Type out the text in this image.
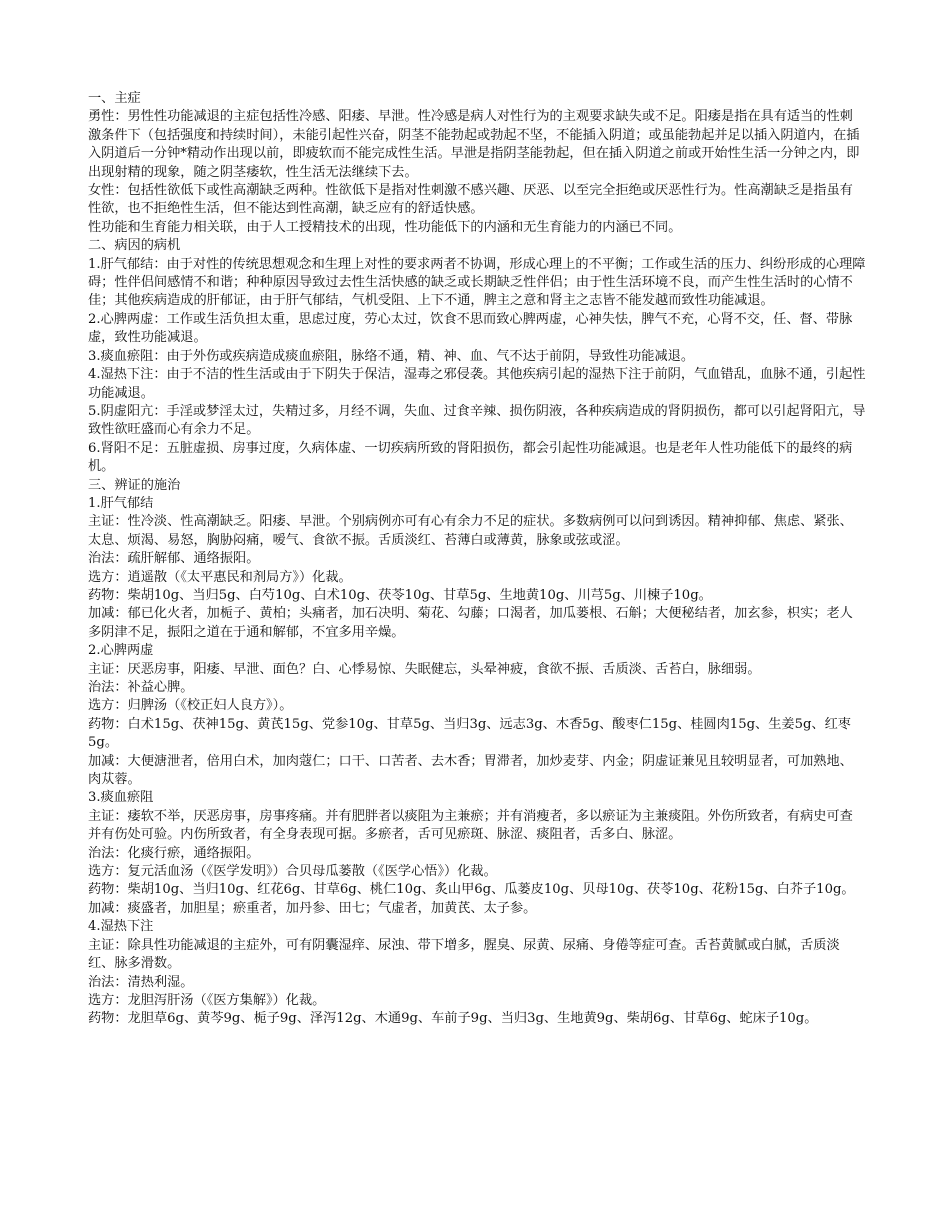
一、主症

勇性：男性性功能减退的主症包括性冷感、阳痿、早泄。性冷感是病人对性行为的主观要求缺失或不足。阳痿是指在具有适当的性刺激条件下（包括强度和持续时间），未能引起性兴奋，阴茎不能勃起或勃起不坚，不能插入阴道；或虽能勃起并足以插入阴道内，在插入阴道后一分钟*精动作出现以前，即疲软而不能完成性生活。早泄是指阴茎能勃起，但在插入阴道之前或开始性生活一分钟之内，即出现射精的现象，随之阴茎痿软，性生活无法继续下去。

女性：包括性欲低下或性高潮缺乏两种。性欲低下是指对性刺激不感兴趣、厌恶、以至完全拒绝或厌恶性行为。性高潮缺乏是指虽有性欲，也不拒绝性生活，但不能达到性高潮，缺乏应有的舒适快感。

性功能和生育能力相关联，由于人工授精技术的出现，性功能低下的内涵和无生育能力的内涵已不同。

二、病因的病机

1.肝气郁结：由于对性的传统思想观念和生理上对性的要求两者不协调，形成心理上的不平衡；工作或生活的压力、纠纷形成的心理障碍；性伴侣间感情不和谐；种种原因导致过去性生活快感的缺乏或长期缺乏性伴侣；由于性生活环境不良，而产生性生活时的心情不佳；其他疾病造成的肝郁证，由于肝气郁结，气机受阻、上下不通，脾主之意和肾主之志皆不能发越而致性功能减退。

2.心脾两虚：工作或生活负担太重，思虑过度，劳心太过，饮食不思而致心脾两虚，心神失怯，脾气不充，心肾不交，任、督、带脉虚，致性功能减退。

3.痰血瘀阻：由于外伤或疾病造成痰血瘀阻，脉络不通，精、神、血、气不达于前阴，导致性功能减退。

4.湿热下注：由于不洁的性生活或由于下阴失于保洁，湿毒之邪侵袭。其他疾病引起的湿热下注于前阴，气血错乱，血脉不通，引起性功能减退。

5.阴虚阳亢：手淫或梦淫太过，失精过多，月经不调，失血、过食辛辣、损伤阴液，各种疾病造成的肾阴损伤，都可以引起肾阳亢，导致性欲旺盛而心有余力不足。

6.肾阳不足：五脏虚损、房事过度，久病体虚、一切疾病所致的肾阳损伤，都会引起性功能减退。也是老年人性功能低下的最终的病机。

三、辨证的施治

1.肝气郁结

主证：性冷淡、性高潮缺乏。阳痿、早泄。个别病例亦可有心有余力不足的症状。多数病例可以问到诱因。精神抑郁、焦虑、紧张、太息、烦渴、易怒，胸胁闷痛，嗳气、食欲不振。舌质淡红、苔薄白或薄黄，脉象或弦或涩。

治法：疏肝解郁、通络振阳。

选方：逍遥散（《太平惠民和剂局方》）化裁。

药物：柴胡10g、当归5g、白芍10g、白术10g、茯苓10g、甘草5g、生地黄10g、川芎5g、川楝子10g。

加减：郁已化火者，加栀子、黄柏；头痛者，加石决明、菊花、勾藤；口渴者，加瓜蒌根、石斛；大便秘结者，加玄参，枳实；老人多阴津不足，振阳之道在于通和解郁，不宜多用辛燥。

2.心脾两虚

主证：厌恶房事，阳痿、早泄、面色？白、心悸易惊、失眠健忘，头晕神疲，食欲不振、舌质淡、舌苔白，脉细弱。

治法：补益心脾。

选方：归脾汤（《校正妇人良方》）。

药物：白术15g、茯神15g、黄芪15g、党参10g、甘草5g、当归3g、远志3g、木香5g、酸枣仁15g、桂圆肉15g、生姜5g、红枣5g。

加减：大便溏泄者，倍用白术，加肉蔻仁；口干、口苦者、去木香；胃滞者，加炒麦芽、内金；阴虚证兼见且较明显者，可加熟地、肉苁蓉。

3.痰血瘀阻

主证：痿软不举，厌恶房事，房事疼痛。并有肥胖者以痰阻为主兼瘀；并有消瘦者，多以瘀证为主兼痰阻。外伤所致者，有病史可查并有伤处可验。内伤所致者，有全身表现可据。多瘀者，舌可见瘀斑、脉涩、痰阻者，舌多白、脉涩。

治法：化痰行瘀，通络振阳。

选方：复元活血汤（《医学发明》）合贝母瓜蒌散（《医学心悟》）化裁。

药物：柴胡10g、当归10g、红花6g、甘草6g、桃仁10g、炙山甲6g、瓜蒌皮10g、贝母10g、茯苓10g、花粉15g、白芥子10g。

加减：痰盛者，加胆星；瘀重者，加丹参、田七；气虚者，加黄芪、太子参。

4.湿热下注

主证：除具性功能减退的主症外，可有阴囊湿痒、尿浊、带下增多，腥臭、尿黄、尿痛、身倦等症可查。舌苔黄腻或白腻，舌质淡红、脉多滑数。

治法：清热利湿。

选方：龙胆泻肝汤（《医方集解》）化裁。

药物：龙胆草6g、黄芩9g、栀子9g、泽泻12g、木通9g、车前子9g、当归3g、生地黄9g、柴胡6g、甘草6g、蛇床子10g。
